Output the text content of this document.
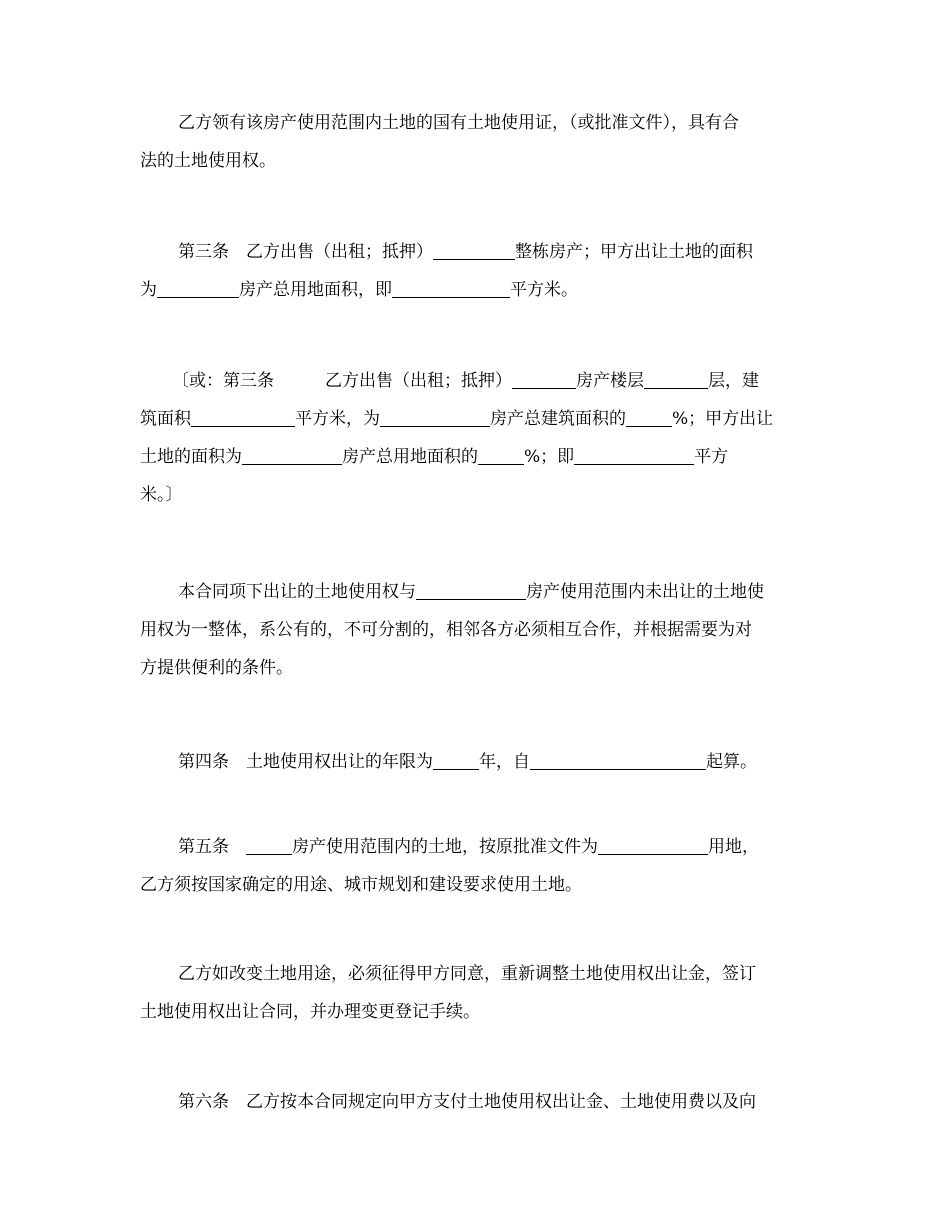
乙方领有该房产使用范围内土地的国有土地使用证，（或批准文件），具有合
法的土地使用权。
第三条　乙方出售（出租；抵押）	整栋房产；甲方出让土地的面积
为	房产总用地面积，即	平方米。
〔或：第三条　　　乙方出售（出租；抵押）	房产楼层	层，建
筑面积	平方米，为	房产总建筑面积的	%；甲方出让
土地的面积为	房产总用地面积的	%；即	平方
米。〕
本合同项下出让的土地使用权与	房产使用范围内未出让的土地使
用权为一整体，系公有的，不可分割的，相邻各方必须相互合作，并根据需要为对
方提供便利的条件。
第四条　土地使用权出让的年限为	年，自	起算。
第五条　	房产使用范围内的土地，按原批准文件为	用地，
乙方须按国家确定的用途、城市规划和建设要求使用土地。
乙方如改变土地用途，必须征得甲方同意，重新调整土地使用权出让金，签订
土地使用权出让合同，并办理变更登记手续。
第六条　乙方按本合同规定向甲方支付土地使用权出让金、土地使用费以及向
